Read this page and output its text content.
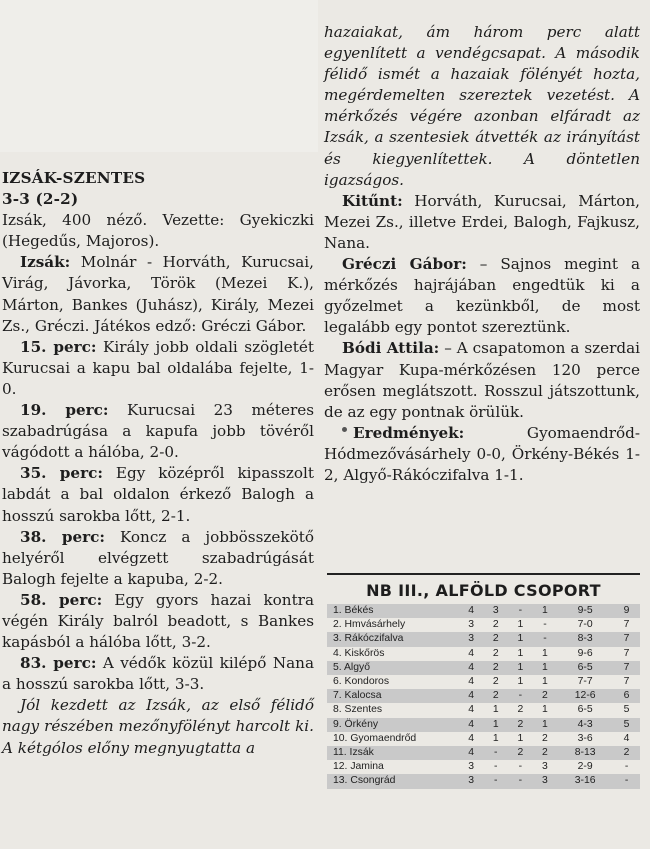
IZSÁK-SZENTES

3-3 (2-2)

Izsák, 400 néző. Vezette: Gyekiczki (Hegedűs, Majoros).

Izsák: Molnár - Horváth, Kurucsai, Virág, Jávorka, Török (Mezei K.), Márton, Bankes (Juhász), Király, Mezei Zs., Gréczi. Játékos edző: Gréczi Gábor.

15. perc: Király jobb oldali szögletét Kurucsai a kapu bal oldalába fejelte, 1-0.

19. perc: Kurucsai 23 méteres szabadrúgása a kapufa jobb tövéről vágódott a hálóba, 2-0.

35. perc: Egy középről kipasszolt labdát a bal oldalon érkező Balogh a hosszú sarokba lőtt, 2-1.

38. perc: Koncz a jobbösszekötő helyéről elvégzett szabadrúgását Balogh fejelte a kapuba, 2-2.

58. perc: Egy gyors hazai kontra végén Király balról beadott, s Bankes kapásból a hálóba lőtt, 3-2.

83. perc: A védők közül kilépő Nana a hosszú sarokba lőtt, 3-3.

Jól kezdett az Izsák, az első félidő nagy részében mezőnyfölényt harcolt ki. A kétgólos előny megnyugtatta a

hazaiakat, ám három perc alatt egyenlített a vendégcsapat. A második félidő ismét a hazaiak fölényét hozta, megérdemelten szereztek vezetést. A mérkőzés végére azonban elfáradt az Izsák, a szentesiek átvették az irányítást és kiegyenlítettek. A döntetlen igazságos.

Kitűnt: Horváth, Kurucsai, Márton, Mezei Zs., illetve Erdei, Balogh, Fajkusz, Nana.

Gréczi Gábor: – Sajnos megint a mérkőzés hajrájában engedtük ki a győzelmet a kezünkből, de most legalább egy pontot szereztünk.

Bódi Attila: – A csapatomon a szerdai Magyar Kupa-mérkőzésen 120 perce erősen meglátszott. Rosszul játszottunk, de az egy pontnak örülük.

Eredmények: Gyomaendrőd-Hódmezővásárhely 0-0, Örkény-Békés 1-2, Algyő-Rákóczifalva 1-1.

NB III., ALFÖLD CSOPORT
1. Békés	4	3	-	1	9-5	9
2. Hmvásárhely	3	2	1	-	7-0	7
3. Rákóczifalva	3	2	1	-	8-3	7
4. Kiskőrös	4	2	1	1	9-6	7
5. Algyő	4	2	1	1	6-5	7
6. Kondoros	4	2	1	1	7-7	7
7. Kalocsa	4	2	-	2	12-6	6
8. Szentes	4	1	2	1	6-5	5
9. Örkény	4	1	2	1	4-3	5
10. Gyomaendrőd	4	1	1	2	3-6	4
11. Izsák	4	-	2	2	8-13	2
12. Jamina	3	-	-	3	2-9	-
13. Csongrád	3	-	-	3	3-16	-
